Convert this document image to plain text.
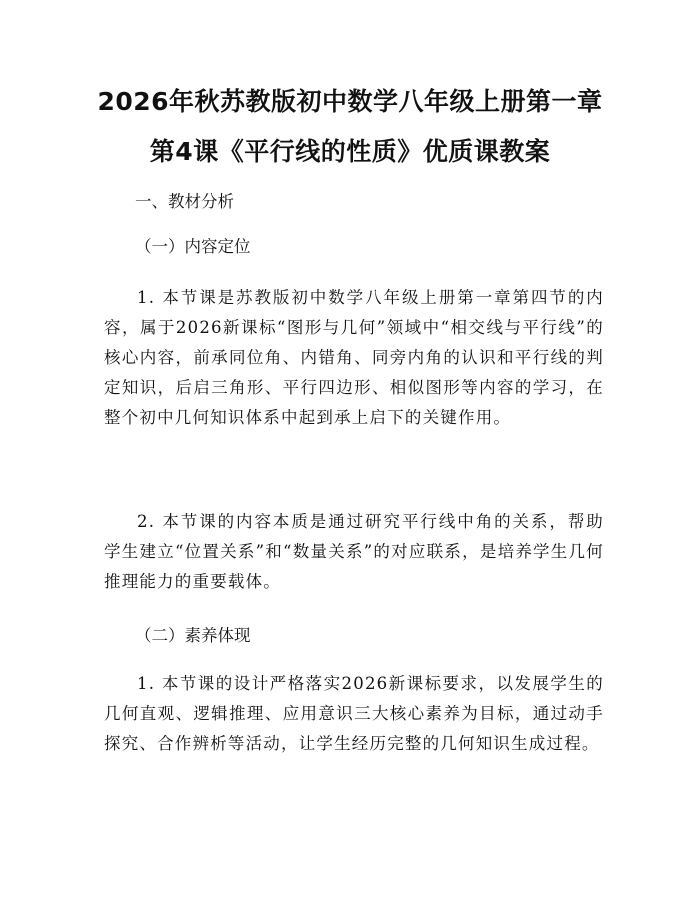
2026年秋苏教版初中数学八年级上册第一章
第4课《平行线的性质》优质课教案
一、教材分析
（一）内容定位
1. 本节课是苏教版初中数学八年级上册第一章第四节的内容，属于2026新课标“图形与几何”领域中“相交线与平行线”的核心内容，前承同位角、内错角、同旁内角的认识和平行线的判定知识，后启三角形、平行四边形、相似图形等内容的学习，在整个初中几何知识体系中起到承上启下的关键作用。
2. 本节课的内容本质是通过研究平行线中角的关系，帮助学生建立“位置关系”和“数量关系”的对应联系，是培养学生几何推理能力的重要载体。
（二）素养体现
1. 本节课的设计严格落实2026新课标要求，以发展学生的几何直观、逻辑推理、应用意识三大核心素养为目标，通过动手探究、合作辨析等活动，让学生经历完整的几何知识生成过程。
